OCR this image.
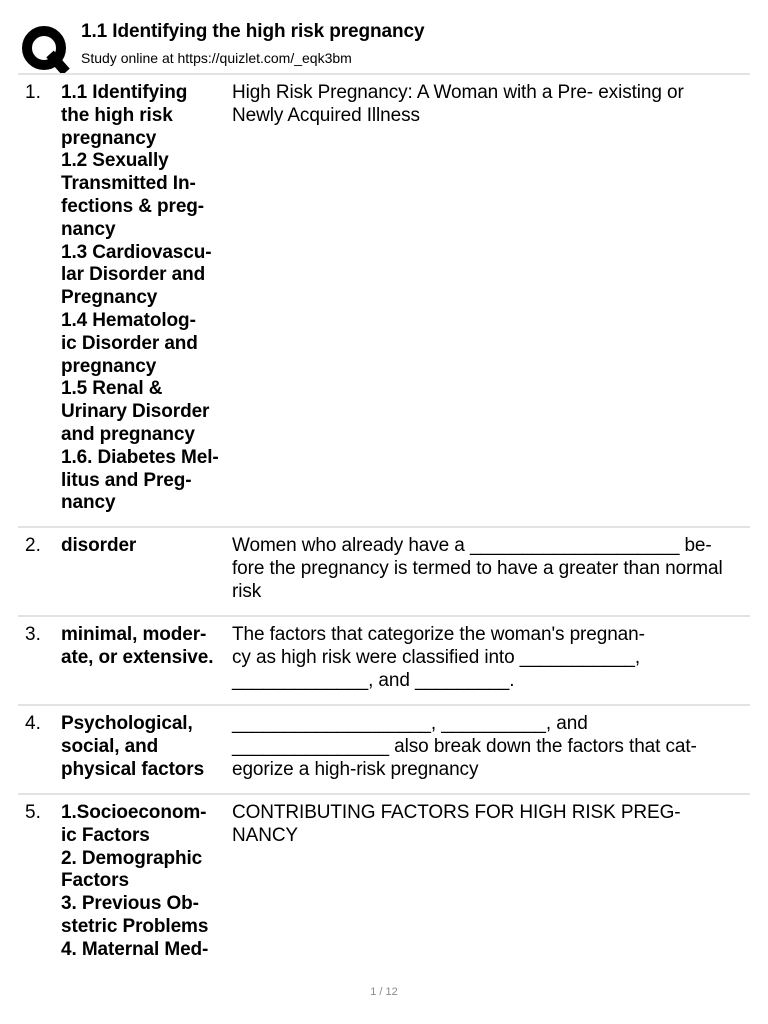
1.1 Identifying the high risk pregnancy
Study online at https://quizlet.com/_eqk3bm
1. 1.1 Identifying
the high risk
pregnancy
1.2 Sexually
Transmitted In-
fections & preg-
nancy
1.3 Cardiovascu-
lar Disorder and
Pregnancy
1.4 Hematolog-
ic Disorder and
pregnancy
1.5 Renal &
Urinary Disorder
and pregnancy
1.6. Diabetes Mel-
litus and Preg-
nancy
High Risk Pregnancy: A Woman with a Pre- existing or
Newly Acquired Illness
2. disorder	Women who already have a ____________________ be-
fore the pregnancy is termed to have a greater than normal
risk
3. minimal, moder-
ate, or extensive.
The factors that categorize the woman's pregnan-
cy as high risk were classified into ___________,
_____________, and _________.
4. Psychological,
social, and
physical factors
___________________, __________, and
_______________ also break down the factors that cat-
egorize a high-risk pregnancy
5. 1.Socioeconom-
ic Factors
2. Demographic
Factors
3. Previous Ob-
stetric Problems
4. Maternal Med-
CONTRIBUTING FACTORS FOR HIGH RISK PREG-
NANCY
1 / 12
